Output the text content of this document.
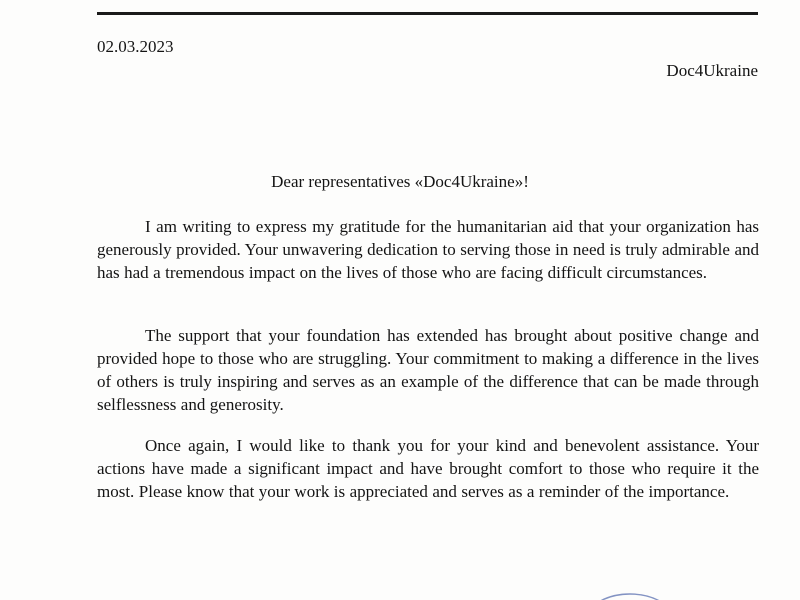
02.03.2023
Doc4Ukraine
Dear representatives «Doc4Ukraine»!

I am writing to express my gratitude for the humanitarian aid that your organization has generously provided. Your unwavering dedication to serving those in need is truly admirable and has had a tremendous impact on the lives of those who are facing difficult circumstances.

The support that your foundation has extended has brought about positive change and provided hope to those who are struggling. Your commitment to making a difference in the lives of others is truly inspiring and serves as an example of the difference that can be made through selflessness and generosity.

Once again, I would like to thank you for your kind and benevolent assistance. Your actions have made a significant impact and have brought comfort to those who require it the most. Please know that your work is appreciated and serves as a reminder of the importance.
